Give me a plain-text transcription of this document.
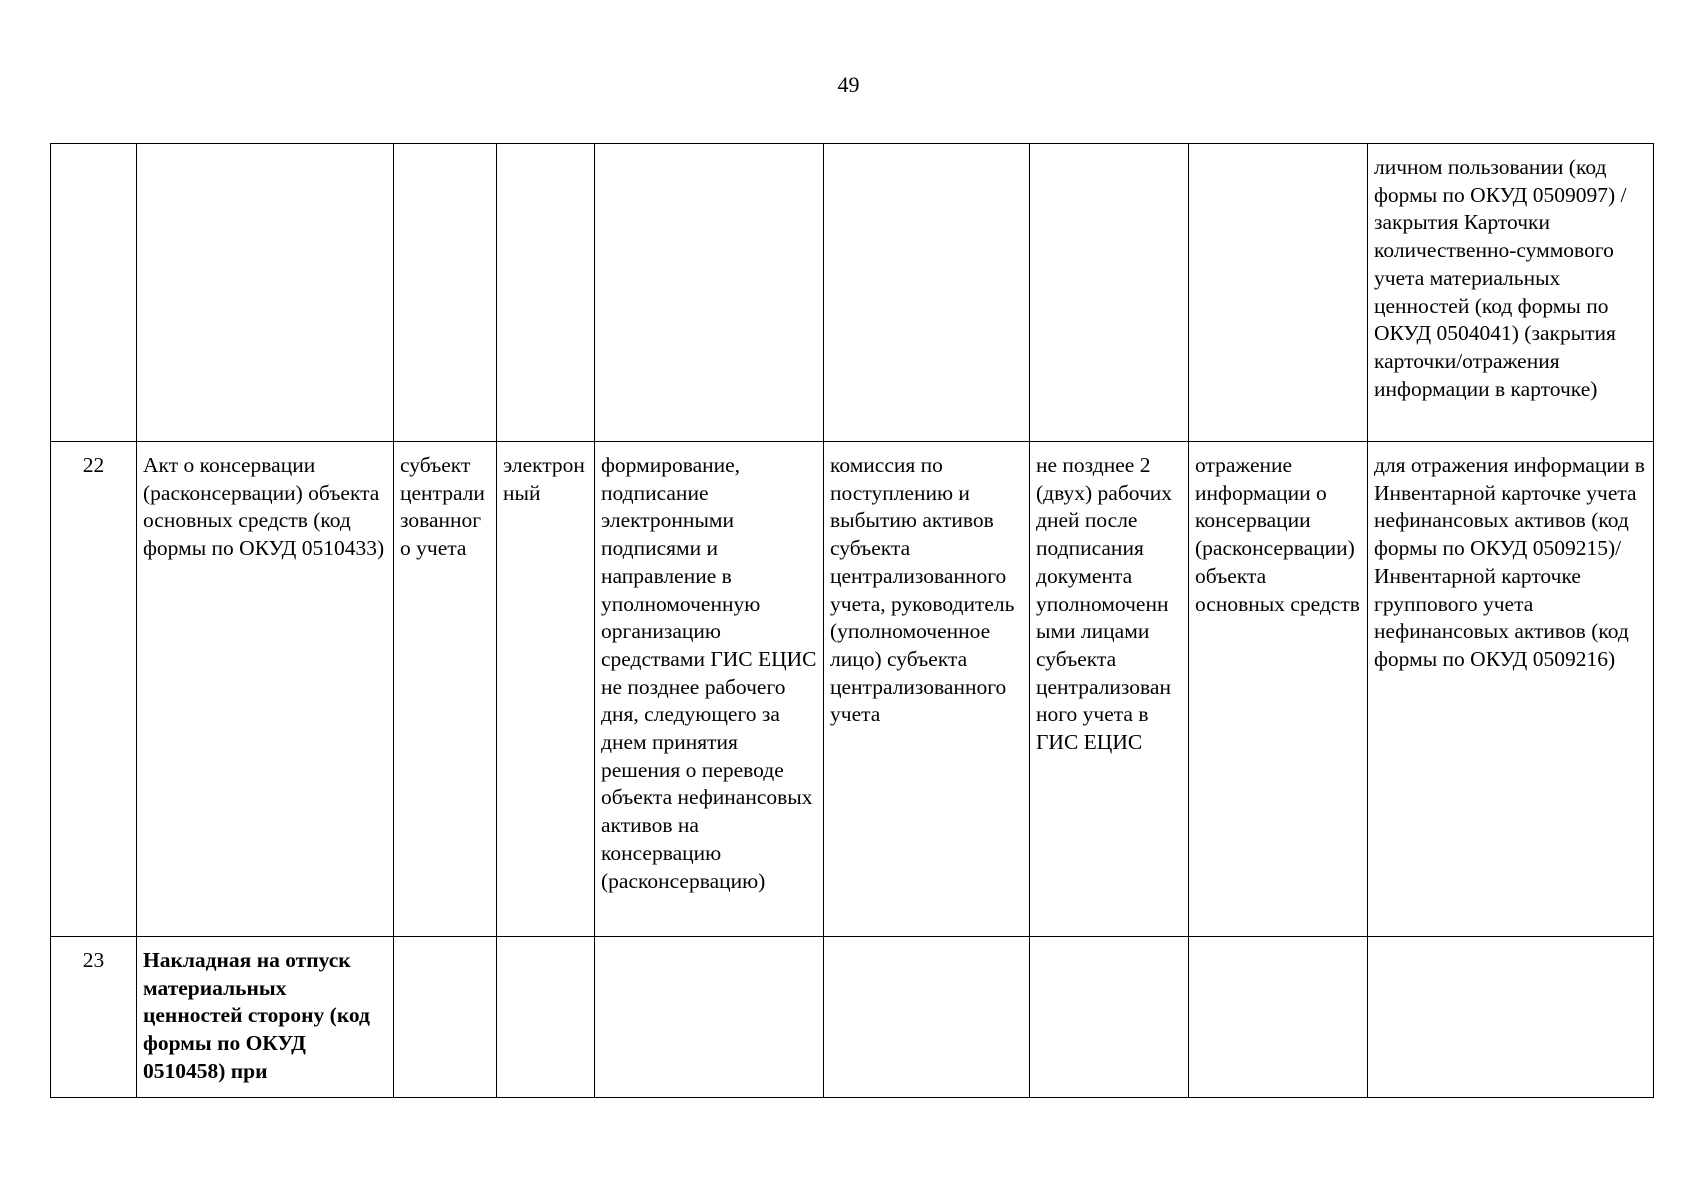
49
								личном пользовании (код формы по ОКУД 0509097) /закрытия Карточки количественно-суммового учета материальных ценностей (код формы по ОКУД 0504041) (закрытия карточки/отражения информации в карточке)
22	Акт о консервации (расконсервации) объекта основных средств (код формы по ОКУД 0510433)	субъект централизованного учета	электронный	формирование, подписание электронными подписями и направление в уполномоченную организацию средствами ГИС ЕЦИС не позднее рабочего дня, следующего за днем принятия решения о переводе объекта нефинансовых активов на консервацию (расконсервацию)	комиссия по поступлению и выбытию активов субъекта централизованного учета, руководитель (уполномоченное лицо) субъекта централизованного учета	не позднее 2 (двух) рабочих дней после подписания документа уполномоченными лицами субъекта централизованного учета в ГИС ЕЦИС	отражение информации о консервации (расконсервации) объекта основных средств	для отражения информации в Инвентарной карточке учета нефинансовых активов (код формы по ОКУД 0509215)/ Инвентарной карточке группового учета нефинансовых активов (код формы по ОКУД 0509216)
23	Накладная на отпуск материальных ценностей сторону (код формы по ОКУД 0510458) при							
